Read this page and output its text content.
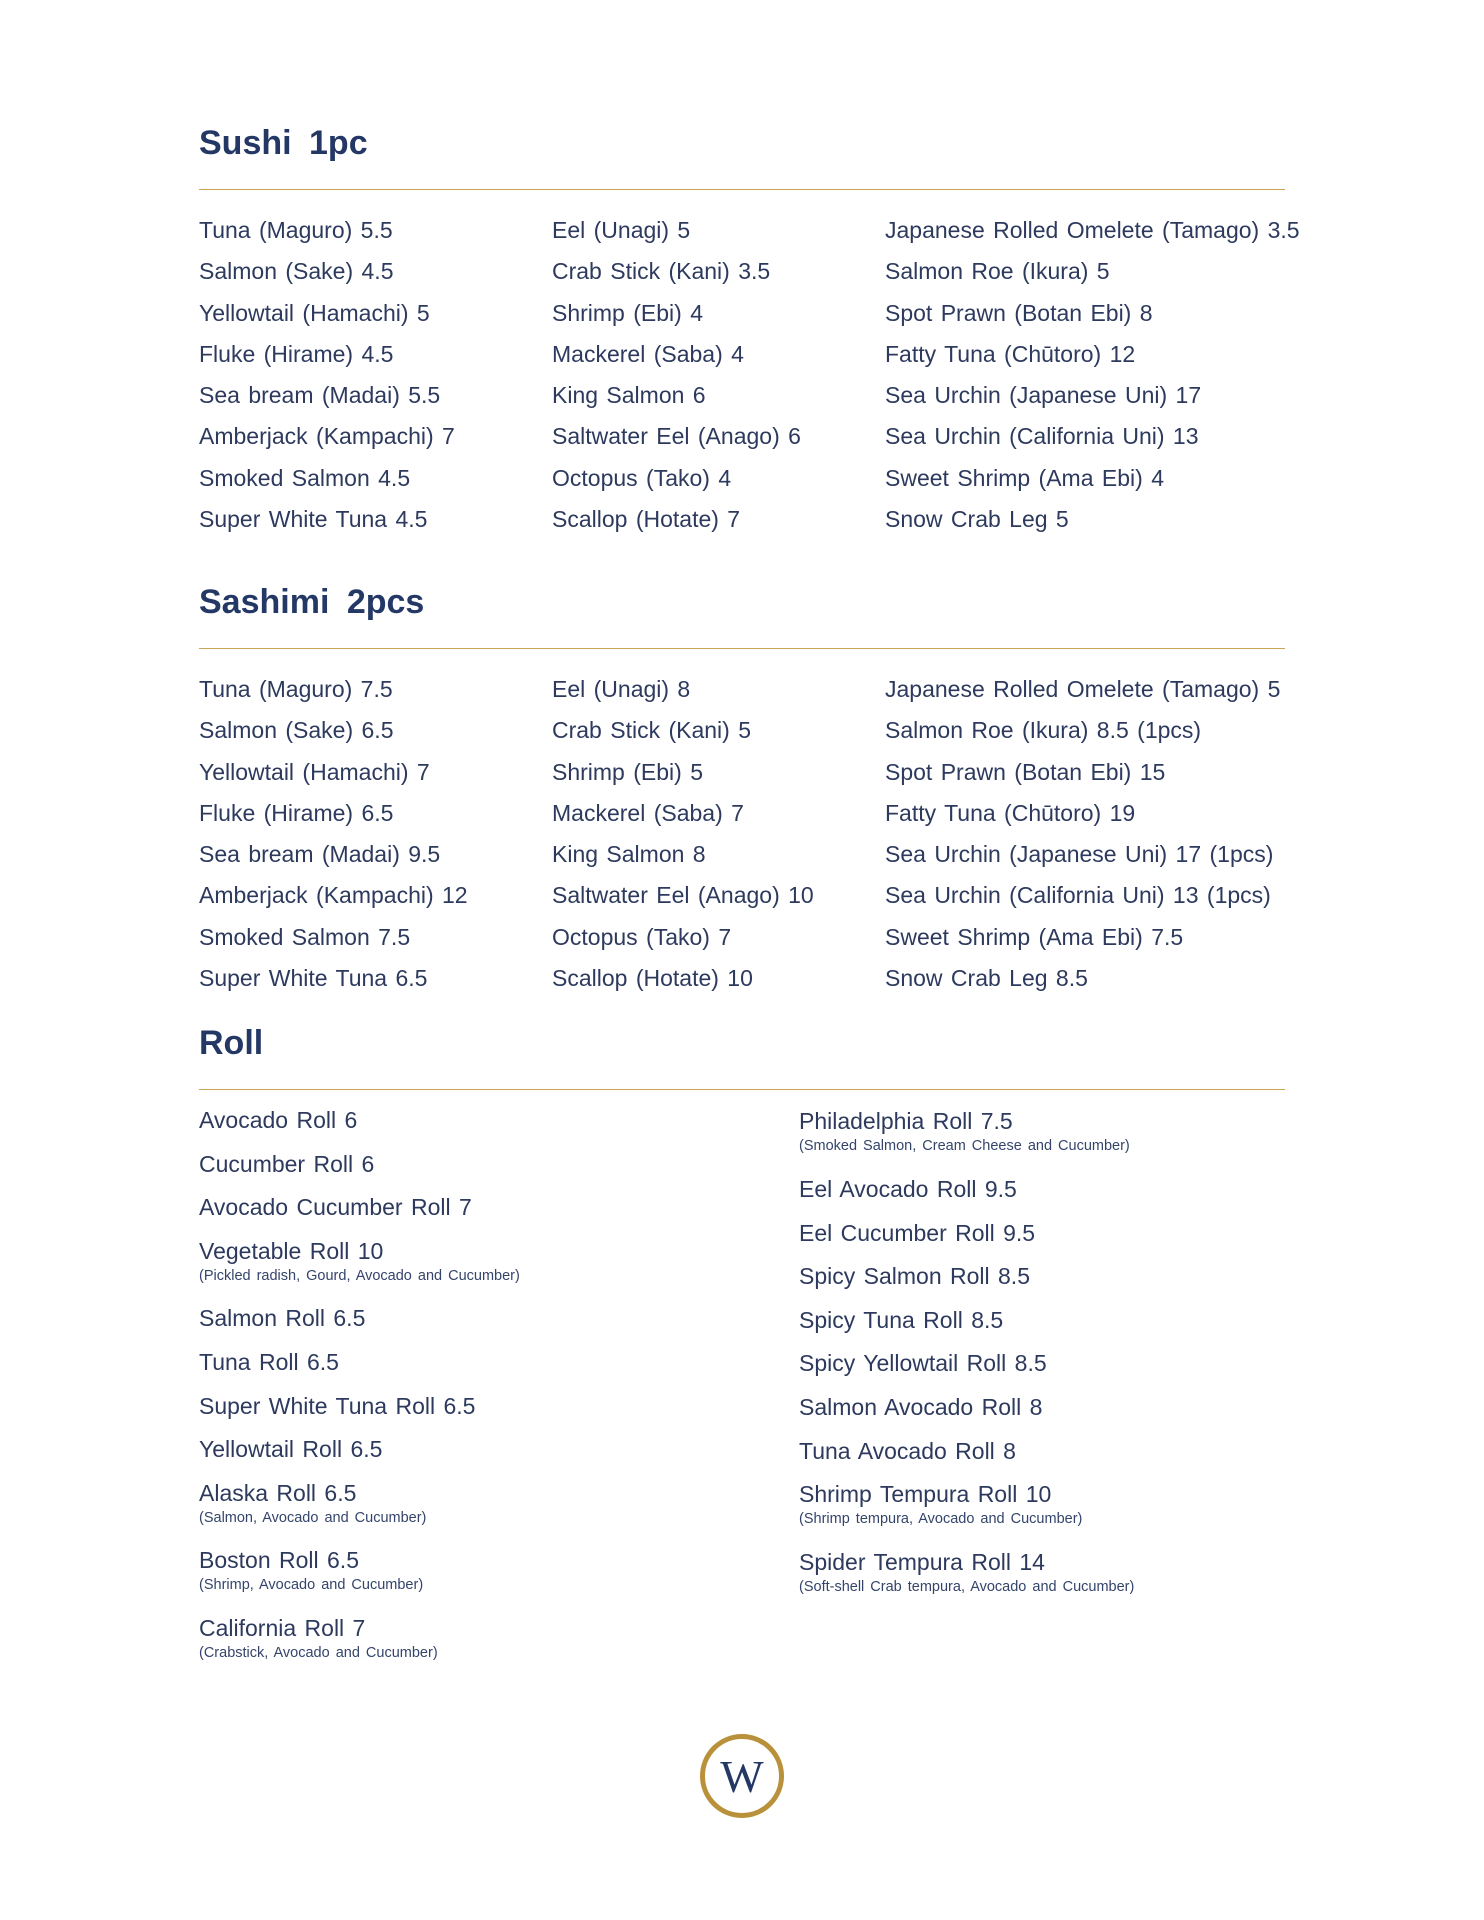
Sushi 1pc
Tuna (Maguro) 5.5
Salmon (Sake) 4.5
Yellowtail (Hamachi) 5
Fluke (Hirame) 4.5
Sea bream (Madai) 5.5
Amberjack (Kampachi) 7
Smoked Salmon 4.5
Super White Tuna 4.5
Eel (Unagi) 5
Crab Stick (Kani) 3.5
Shrimp (Ebi) 4
Mackerel (Saba) 4
King Salmon 6
Saltwater Eel (Anago) 6
Octopus (Tako) 4
Scallop (Hotate) 7
Japanese Rolled Omelete (Tamago) 3.5
Salmon Roe (Ikura) 5
Spot Prawn (Botan Ebi) 8
Fatty Tuna (Chūtoro) 12
Sea Urchin (Japanese Uni) 17
Sea Urchin (California Uni) 13
Sweet Shrimp (Ama Ebi) 4
Snow Crab Leg 5
Sashimi 2pcs
Tuna (Maguro) 7.5
Salmon (Sake) 6.5
Yellowtail (Hamachi) 7
Fluke (Hirame) 6.5
Sea bream (Madai) 9.5
Amberjack (Kampachi) 12
Smoked Salmon 7.5
Super White Tuna 6.5
Eel (Unagi) 8
Crab Stick (Kani) 5
Shrimp (Ebi) 5
Mackerel (Saba) 7
King Salmon 8
Saltwater Eel (Anago) 10
Octopus (Tako) 7
Scallop (Hotate) 10
Japanese Rolled Omelete (Tamago) 5
Salmon Roe (Ikura) 8.5 (1pcs)
Spot Prawn (Botan Ebi) 15
Fatty Tuna (Chūtoro) 19
Sea Urchin (Japanese Uni) 17 (1pcs)
Sea Urchin (California Uni) 13 (1pcs)
Sweet Shrimp (Ama Ebi) 7.5
Snow Crab Leg 8.5
Roll
Avocado Roll 6
Cucumber Roll 6
Avocado Cucumber Roll 7
Vegetable Roll 10
(Pickled radish, Gourd, Avocado and Cucumber)
Salmon Roll 6.5
Tuna Roll 6.5
Super White Tuna Roll 6.5
Yellowtail Roll 6.5
Alaska Roll 6.5
(Salmon, Avocado and Cucumber)
Boston Roll 6.5
(Shrimp, Avocado and Cucumber)
California Roll 7
(Crabstick, Avocado and Cucumber)
Philadelphia Roll 7.5
(Smoked Salmon, Cream Cheese and Cucumber)
Eel Avocado Roll 9.5
Eel Cucumber Roll 9.5
Spicy Salmon Roll 8.5
Spicy Tuna Roll 8.5
Spicy Yellowtail Roll 8.5
Salmon Avocado Roll 8
Tuna Avocado Roll 8
Shrimp Tempura Roll 10
(Shrimp tempura, Avocado and Cucumber)
Spider Tempura Roll 14
(Soft-shell Crab tempura, Avocado and Cucumber)
W
